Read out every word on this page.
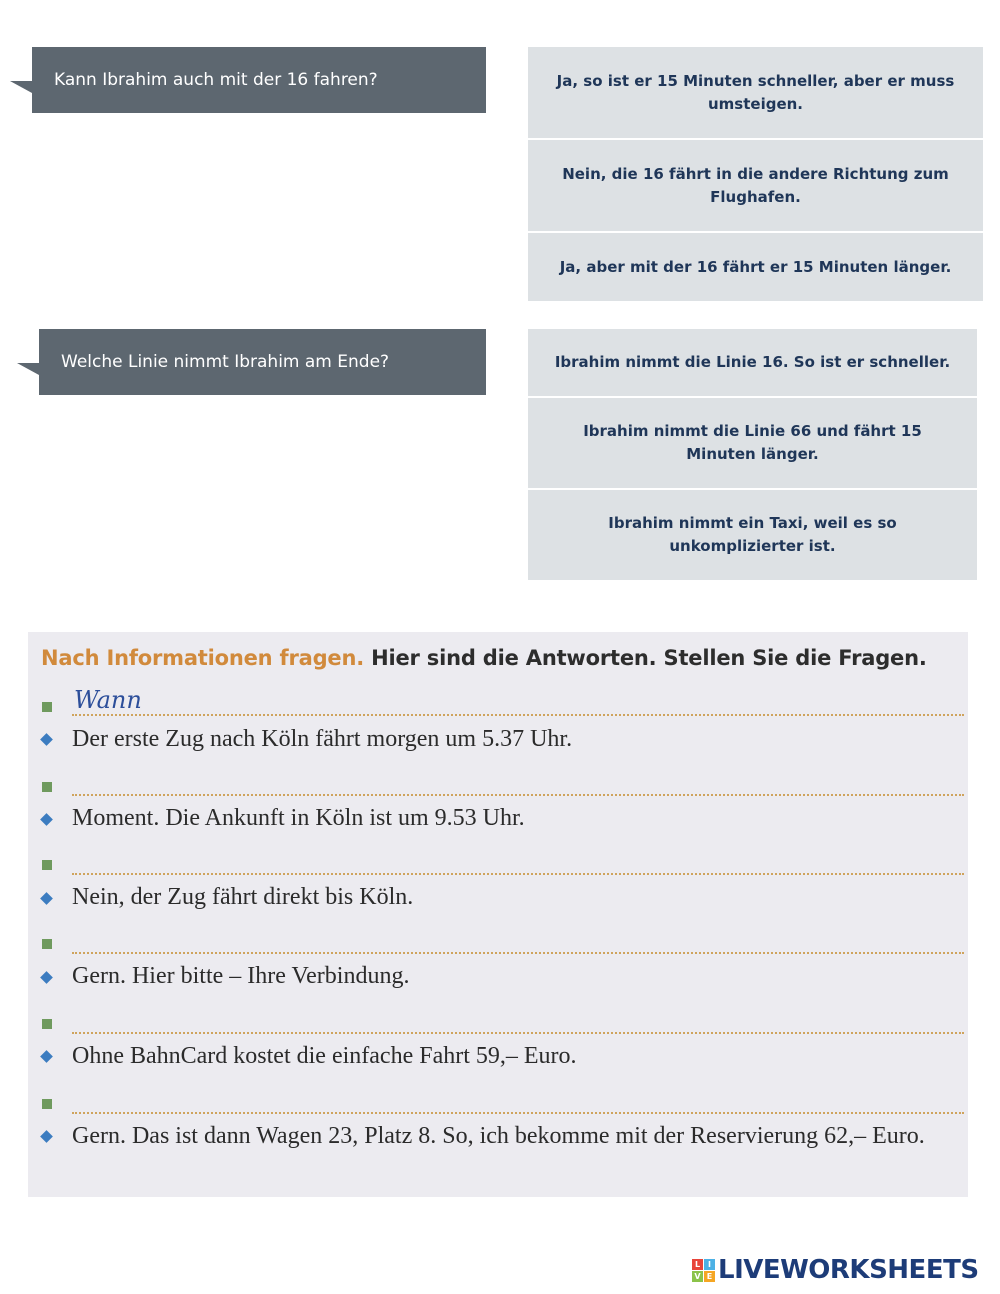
Kann Ibrahim auch mit der 16 fahren?	Ja, so ist er 15 Minuten schneller, aber er muss umsteigen.
Nein, die 16 fährt in die andere Richtung zum Flughafen.
Ja, aber mit der 16 fährt er 15 Minuten länger.
Welche Linie nimmt Ibrahim am Ende?	Ibrahim nimmt die Linie 16. So ist er schneller.
Ibrahim nimmt die Linie 66 und fährt 15 Minuten länger.
Ibrahim nimmt ein Taxi, weil es so unkomplizierter ist.
Nach Informationen fragen. Hier sind die Antworten. Stellen Sie die Fragen.
Wann
Der erste Zug nach Köln fährt morgen um 5.37 Uhr.
Moment. Die Ankunft in Köln ist um 9.53 Uhr.
Nein, der Zug fährt direkt bis Köln.
Gern. Hier bitte – Ihre Verbindung.
Ohne BahnCard kostet die einfache Fahrt 59,– Euro.
Gern. Das ist dann Wagen 23, Platz 8. So, ich bekomme mit der Reservierung 62,– Euro.
L I
V E LIVEWORKSHEETS
